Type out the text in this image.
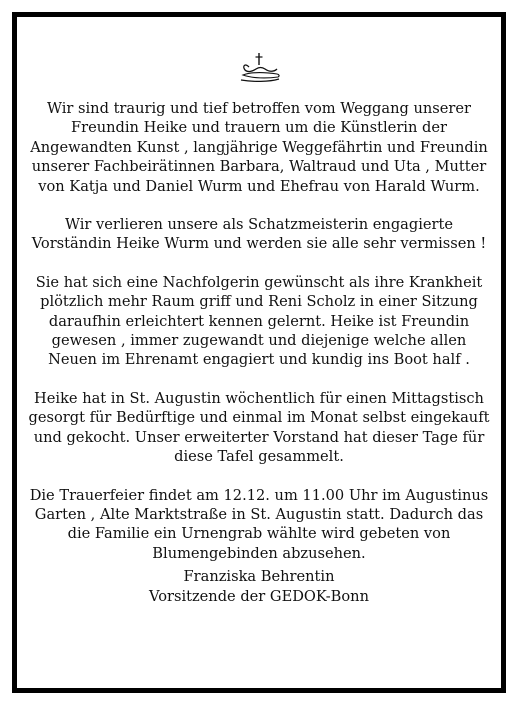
Wir sind traurig und tief betroffen vom Weggang unserer Freundin Heike und trauern um die Künstlerin der Angewandten Kunst , langjährige Weggefährtin und Freundin unserer Fachbeirätinnen Barbara, Waltraud und Uta , Mutter von Katja und Daniel Wurm und Ehefrau von Harald Wurm.

Wir verlieren unsere als Schatzmeisterin engagierte Vorständin Heike Wurm und werden sie alle sehr vermissen !

Sie hat sich eine Nachfolgerin gewünscht als ihre Krankheit plötzlich mehr Raum griff und Reni Scholz in einer Sitzung daraufhin erleichtert kennen gelernt. Heike ist Freundin gewesen , immer zugewandt und diejenige welche allen Neuen im Ehrenamt engagiert und kundig ins Boot half .

Heike hat in St. Augustin wöchentlich für einen Mittagstisch gesorgt für Bedürftige und einmal im Monat selbst eingekauft und gekocht. Unser erweiterter Vorstand hat dieser Tage für diese Tafel gesammelt.

Die Trauerfeier findet am 12.12. um 11.00 Uhr im Augustinus Garten , Alte Marktstraße in St. Augustin statt. Dadurch das die Familie ein Urnengrab wählte wird gebeten von Blumengebinden abzusehen.

Franziska Behrentin

Vorsitzende der GEDOK-Bonn
